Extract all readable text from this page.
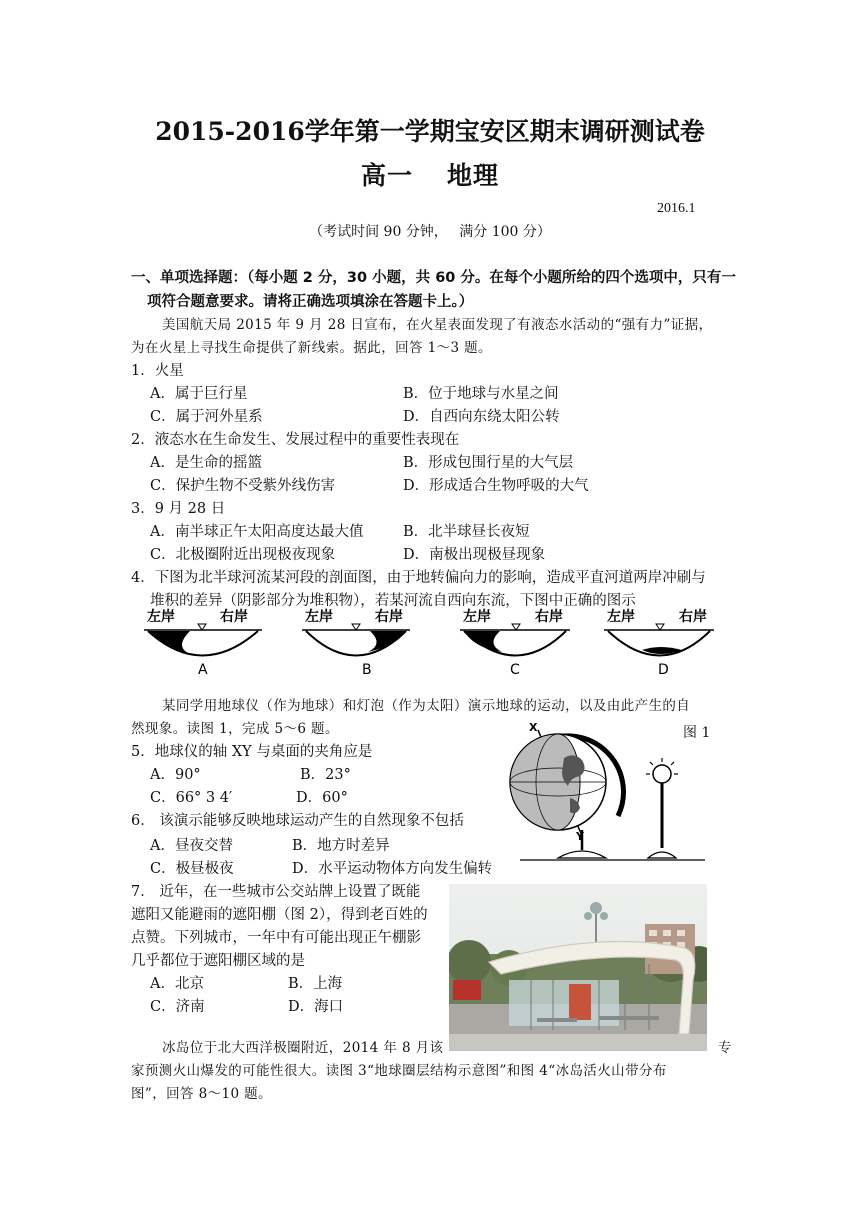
2015-2016学年第一学期宝安区期末调研测试卷
高一 地理
2016.1
（考试时间 90 分钟，　 满分 100 分）
一、单项选择题：（每小题 2 分，30 小题，共 60 分。在每个小题所给的四个选项中，只有一
项符合题意要求。请将正确选项填涂在答题卡上。）
美国航天局 2015 年 9 月 28 日宣布，在火星表面发现了有液态水活动的“强有力”证据，
为在火星上寻找生命提供了新线索。据此，回答 1～3 题。
1．火星
A．属于巨行星	B．位于地球与水星之间
C．属于河外星系	D．自西向东绕太阳公转
2．液态水在生命发生、发展过程中的重要性表现在
A．是生命的摇篮	B．形成包围行星的大气层
C．保护生物不受紫外线伤害	D．形成适合生物呼吸的大气
3．9 月 28 日
A．南半球正午太阳高度达最大值	B．北半球昼长夜短
C．北极圈附近出现极夜现象	D．南极出现极昼现象
4．下图为北半球河流某河段的剖面图，由于地转偏向力的影响，造成平直河道两岸冲刷与
堆积的差异（阴影部分为堆积物），若某河流自西向东流，下图中正确的图示
左岸	右岸
A
左岸	右岸
B
左岸	右岸
C
左岸	右岸
D
某同学用地球仪（作为地球）和灯泡（作为太阳）演示地球的运动，以及由此产生的自
然现象。读图 1，完成 5～6 题。	图 1
X
Y
5．地球仪的轴 XY 与桌面的夹角应是
A．90°	B．23°
C．66° 3 4′	D．60°
6． 该演示能够反映地球运动产生的自然现象不包括
A．昼夜交替	B．地方时差异
C．极昼极夜	D．水平运动物体方向发生偏转
7． 近年，在一些城市公交站牌上设置了既能
遮阳又能避雨的遮阳棚（图 2），得到老百姓的
点赞。下列城市，一年中有可能出现正午棚影
几乎都位于遮阳棚区域的是
A．北京	B．上海
C．济南	D．海口
冰岛位于北大西洋极圈附近，2014 年 8 月该	专
家预测火山爆发的可能性很大。读图 3“地球圈层结构示意图”和图 4“冰岛活火山带分布
图”，回答 8～10 题。
